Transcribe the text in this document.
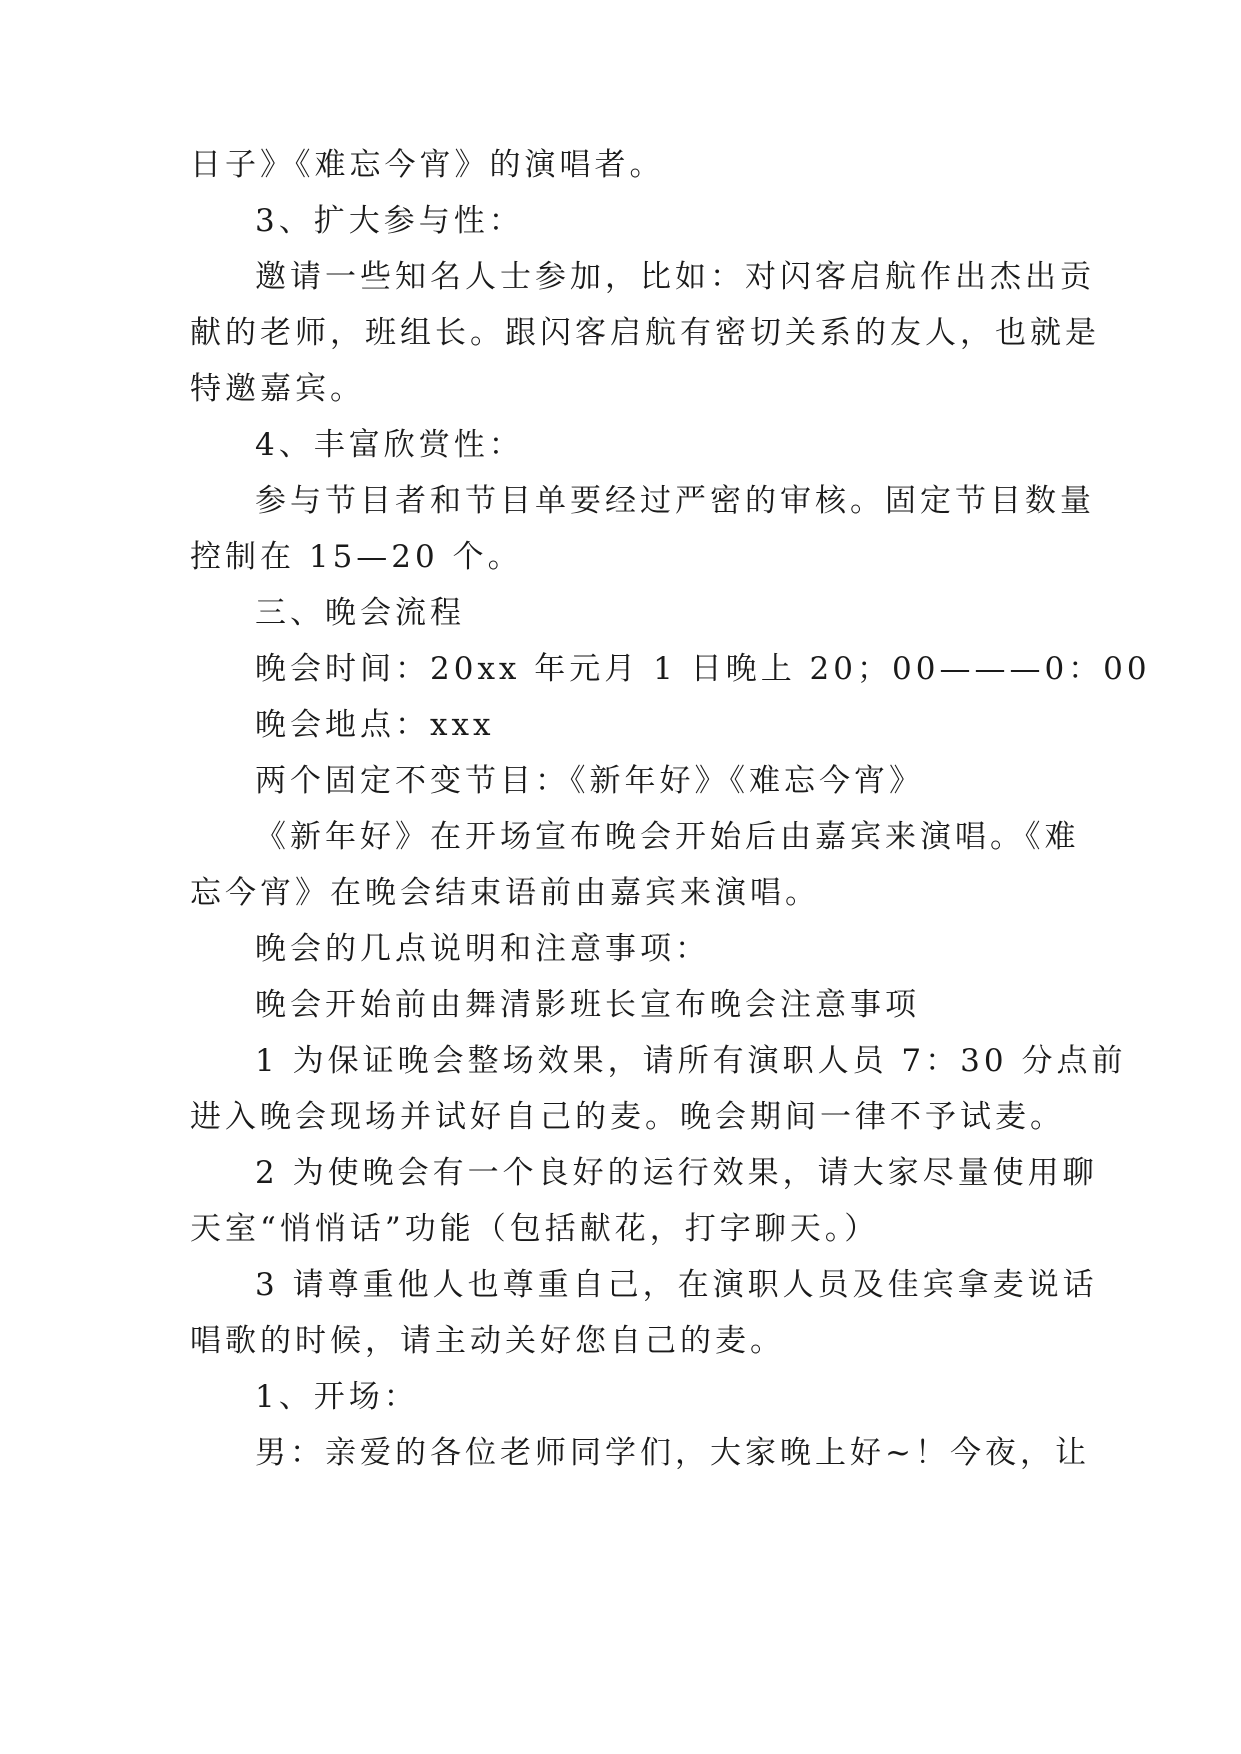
日子》《难忘今宵》的演唱者。
3、扩大参与性：
邀请一些知名人士参加，比如：对闪客启航作出杰出贡
献的老师，班组长。跟闪客启航有密切关系的友人，也就是
特邀嘉宾。
4、丰富欣赏性：
参与节目者和节目单要经过严密的审核。固定节目数量
控制在 15—20 个。
三、晚会流程
晚会时间：20xx 年元月 1 日晚上 20；00———0：00
晚会地点：xxx
两个固定不变节目：《新年好》《难忘今宵》
《新年好》在开场宣布晚会开始后由嘉宾来演唱。《难
忘今宵》在晚会结束语前由嘉宾来演唱。
晚会的几点说明和注意事项：
晚会开始前由舞清影班长宣布晚会注意事项
1 为保证晚会整场效果，请所有演职人员 7：30 分点前
进入晚会现场并试好自己的麦。晚会期间一律不予试麦。
2 为使晚会有一个良好的运行效果，请大家尽量使用聊
天室“悄悄话”功能（包括献花，打字聊天。）
3 请尊重他人也尊重自己，在演职人员及佳宾拿麦说话
唱歌的时候，请主动关好您自己的麦。
1、开场：
男：亲爱的各位老师同学们，大家晚上好~！今夜，让
